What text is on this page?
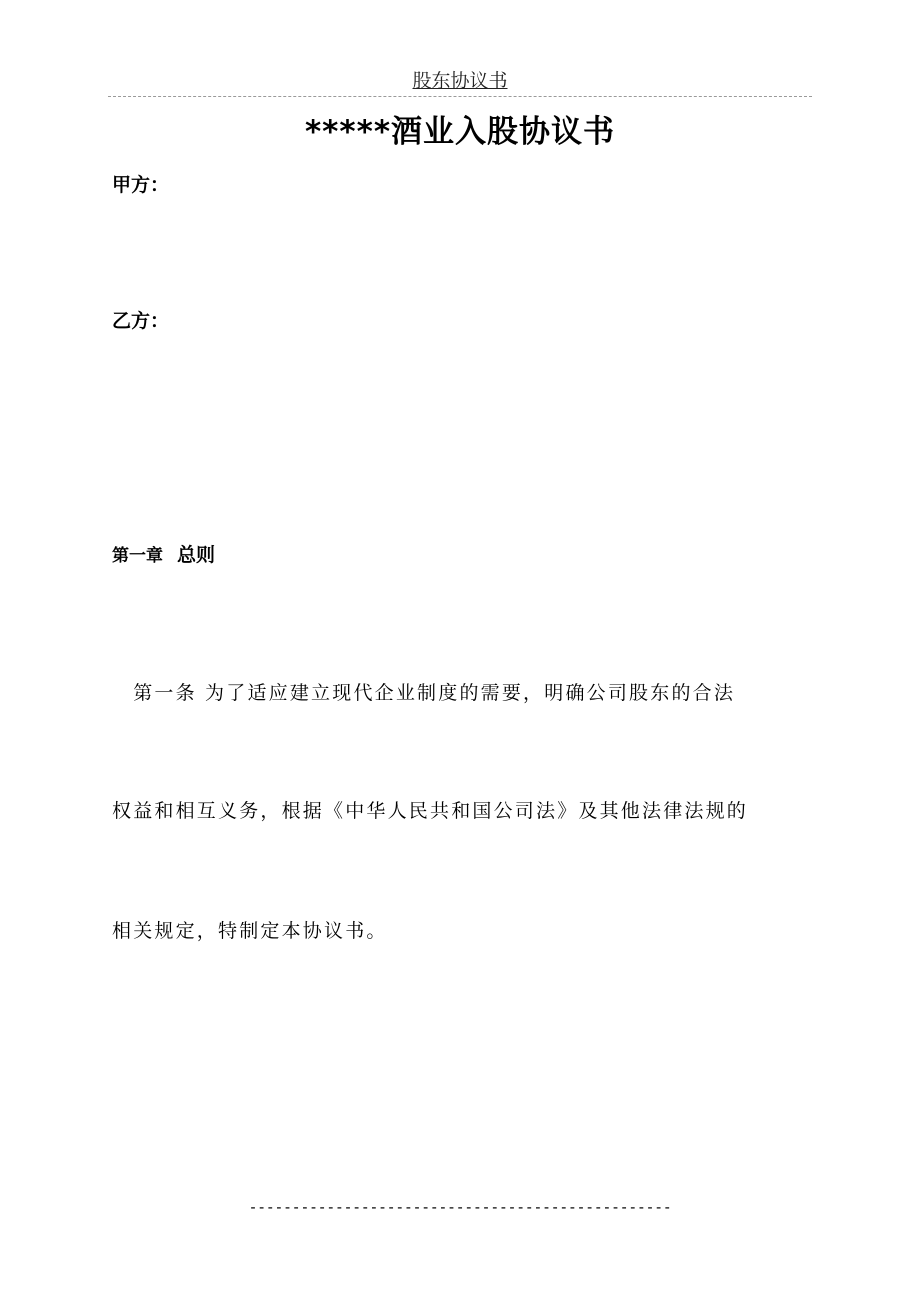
股东协议书
*****酒业入股协议书
甲方：
乙方：
第一章 总则
　第一条 为了适应建立现代企业制度的需要，明确公司股东的合法
权益和相互义务，根据《中华人民共和国公司法》及其他法律法规的
相关规定，特制定本协议书。
-------------------------------------------------
